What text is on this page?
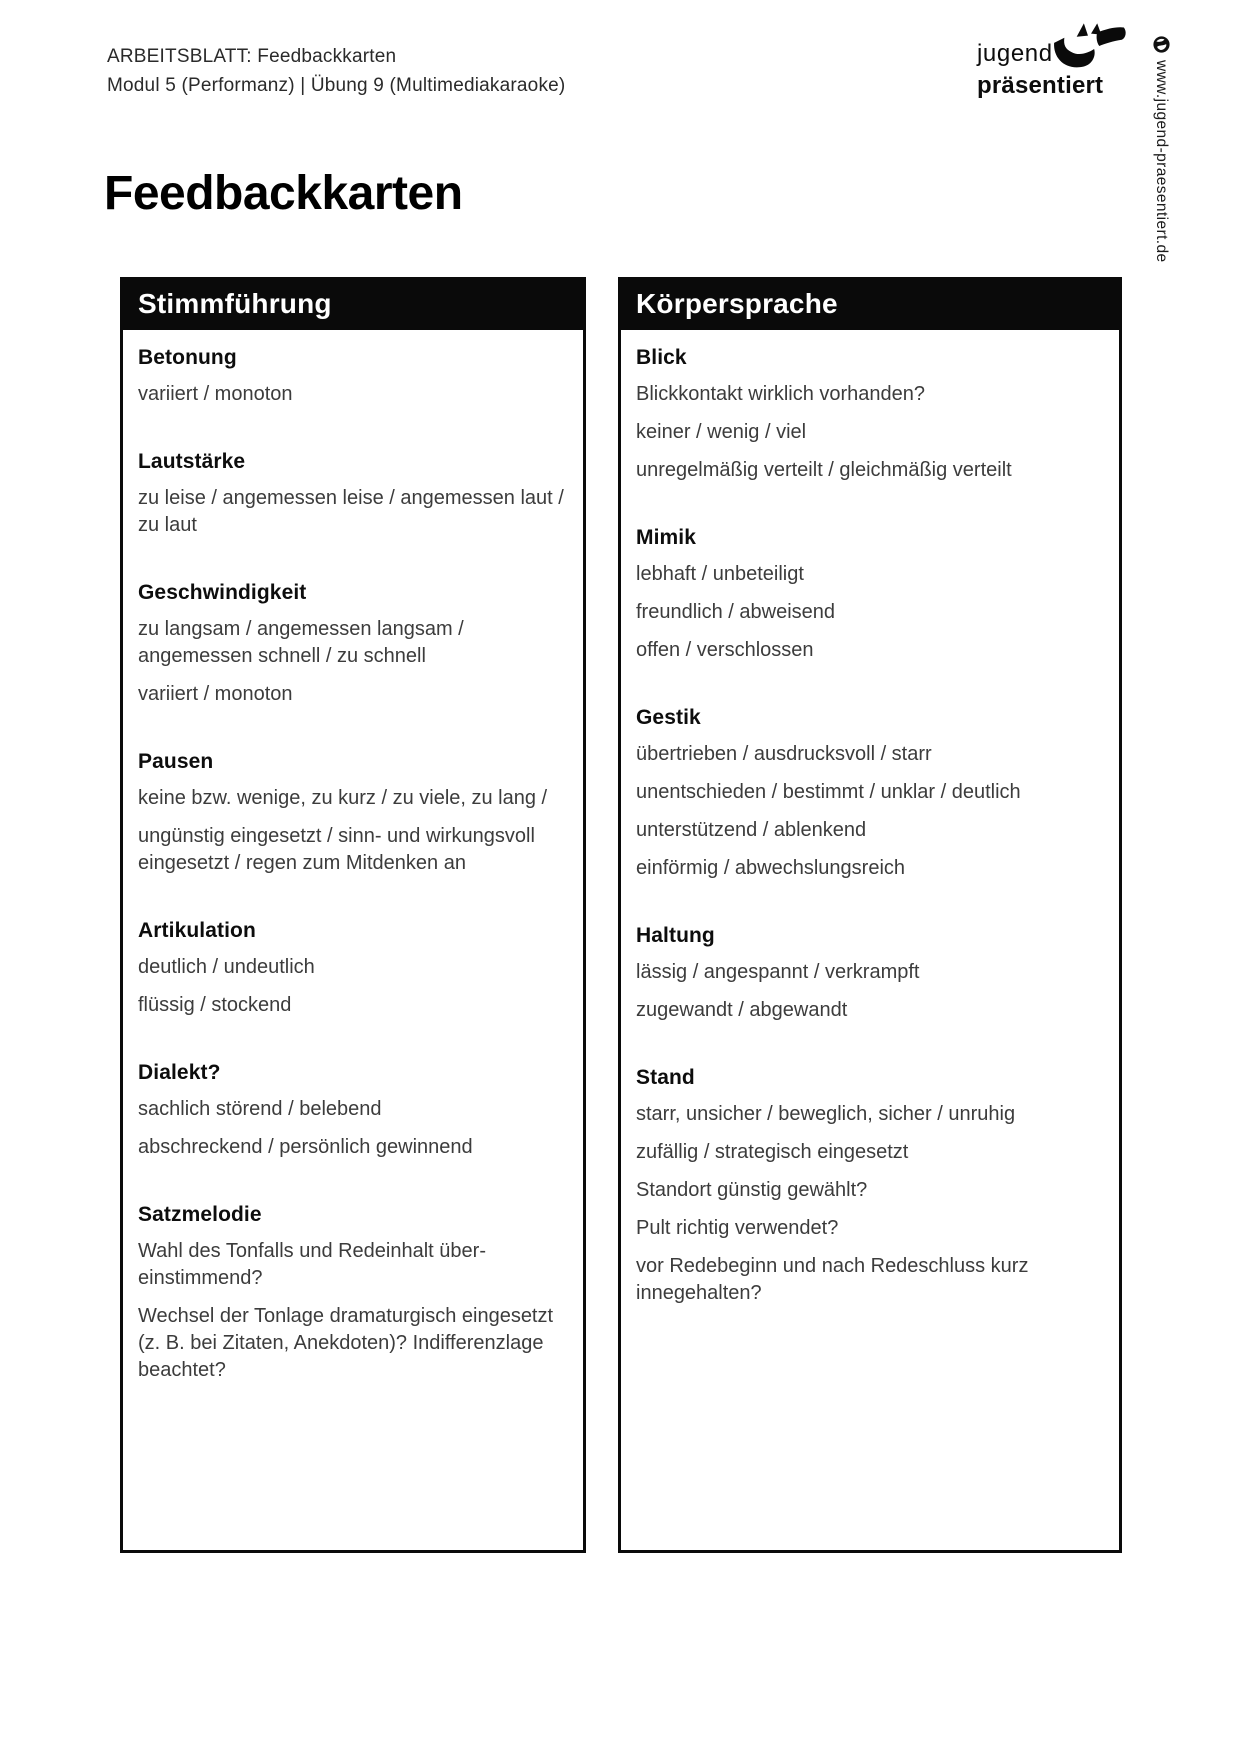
ARBEITSBLATT: Feedbackkarten
Modul 5 (Performanz) | Übung 9 (Multimediakaraoke)
jugend
präsentiert	www.jugend-praesentiert.de
Feedbackkarten
Stimmführung
Betonung

variiert / monoton

Lautstärke

zu leise / angemessen leise / angemessen laut / zu laut

Geschwindigkeit

zu langsam / angemessen langsam / angemessen schnell / zu schnell

variiert / monoton

Pausen

keine bzw. wenige, zu kurz / zu viele, zu lang /

ungünstig eingesetzt / sinn- und wirkungsvoll eingesetzt / regen zum Mitdenken an

Artikulation

deutlich / undeutlich

flüssig / stockend

Dialekt?

sachlich störend / belebend

abschreckend / persönlich gewinnend

Satzmelodie

Wahl des Tonfalls und Redeinhalt über-einstimmend?

Wechsel der Tonlage dramaturgisch eingesetzt (z. B. bei Zitaten, Anekdoten)? Indifferenzlage beachtet?

Körpersprache
Blick

Blickkontakt wirklich vorhanden?

keiner / wenig / viel

unregelmäßig verteilt / gleichmäßig verteilt

Mimik

lebhaft / unbeteiligt

freundlich / abweisend

offen / verschlossen

Gestik

übertrieben / ausdrucksvoll / starr

unentschieden / bestimmt / unklar / deutlich

unterstützend / ablenkend

einförmig / abwechslungsreich

Haltung

lässig / angespannt / verkrampft

zugewandt / abgewandt

Stand

starr, unsicher / beweglich, sicher / unruhig

zufällig / strategisch eingesetzt

Standort günstig gewählt?

Pult richtig verwendet?

vor Redebeginn und nach Redeschluss kurz innegehalten?
